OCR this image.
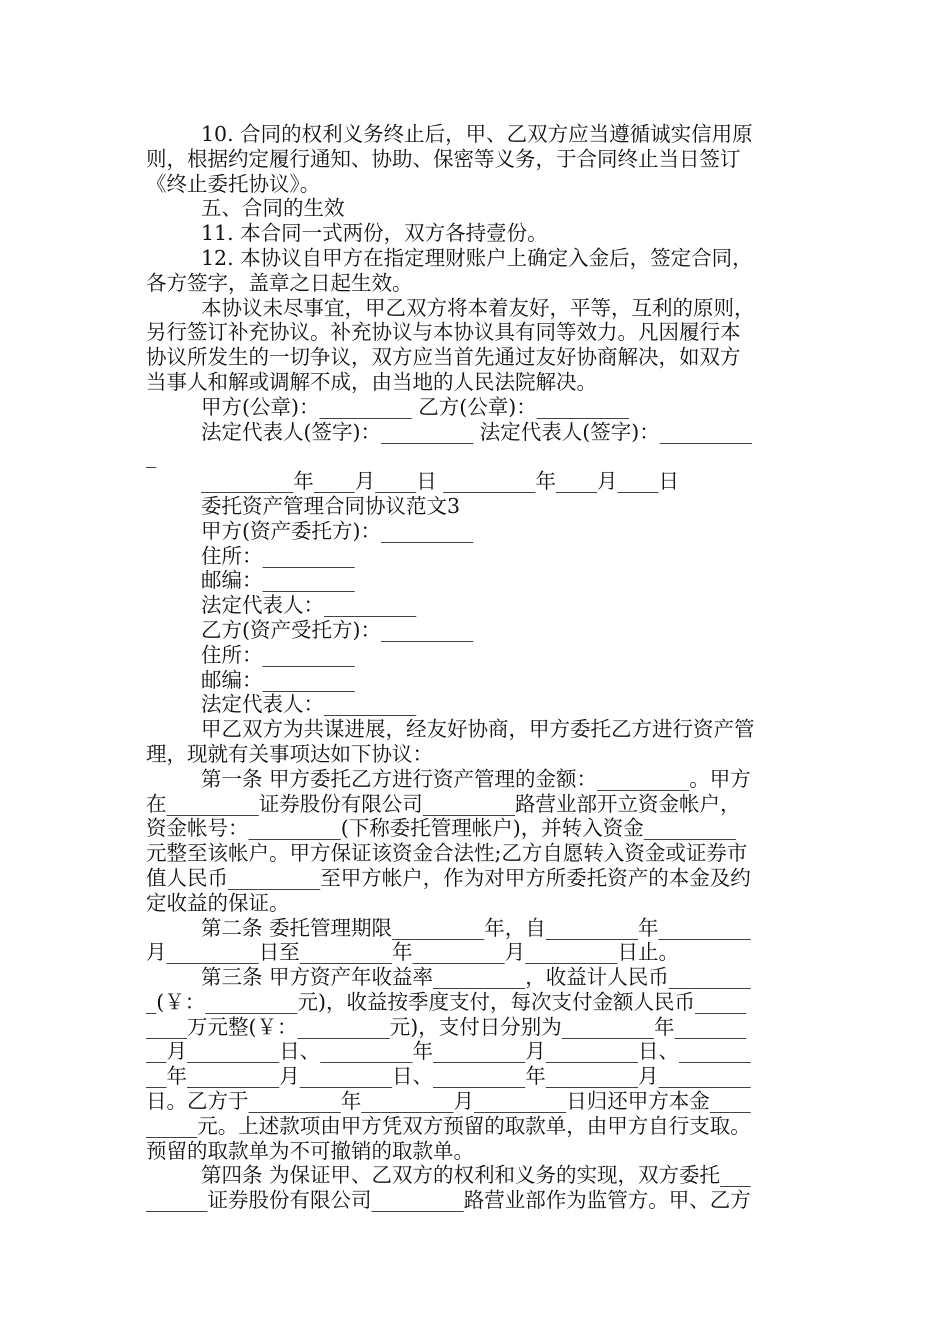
10. 合同的权利义务终止后，甲、乙双方应当遵循诚实信用原
则，根据约定履行通知、协助、保密等义务，于合同终止当日签订
《终止委托协议》。
五、合同的生效
11. 本合同一式两份，双方各持壹份。
12. 本协议自甲方在指定理财账户上确定入金后，签定合同，
各方签字，盖章之日起生效。
本协议未尽事宜，甲乙双方将本着友好，平等，互利的原则，
另行签订补充协议。补充协议与本协议具有同等效力。凡因履行本
协议所发生的一切争议，双方应当首先通过友好协商解决，如双方
当事人和解或调解不成，由当地的人民法院解决。
甲方(公章)：_________ 乙方(公章)：_________
法定代表人(签字)：_________ 法定代表人(签字)：_________
_
_________年____月____日 _________年____月____日
委托资产管理合同协议范文3
甲方(资产委托方)：_________
住所：_________
邮编：_________
法定代表人：_________
乙方(资产受托方)：_________
住所：_________
邮编：_________
法定代表人：_________
甲乙双方为共谋进展，经友好协商，甲方委托乙方进行资产管
理，现就有关事项达如下协议：
第一条 甲方委托乙方进行资产管理的金额：_________。甲方
在_________证券股份有限公司_________路营业部开立资金帐户，
资金帐号：_________(下称委托管理帐户)，并转入资金_________
元整至该帐户。甲方保证该资金合法性;乙方自愿转入资金或证券市
值人民币_________至甲方帐户，作为对甲方所委托资产的本金及约
定收益的保证。
第二条 委托管理期限_________年，自_________年_________
月_________日至_________年_________月_________日止。
第三条 甲方资产年收益率_________，收益计人民币________
_(￥：_________元)，收益按季度支付，每次支付金额人民币_____
____万元整(￥：_________元)，支付日分别为_________年_______
__月_________日、_________年_________月_________日、_______
__年_________月_________日、_________年_________月_________
日。乙方于_________年_________月_________日归还甲方本金____
_____元。上述款项由甲方凭双方预留的取款单，由甲方自行支取。
预留的取款单为不可撤销的取款单。
第四条 为保证甲、乙双方的权利和义务的实现，双方委托___
______证券股份有限公司_________路营业部作为监管方。甲、乙方
